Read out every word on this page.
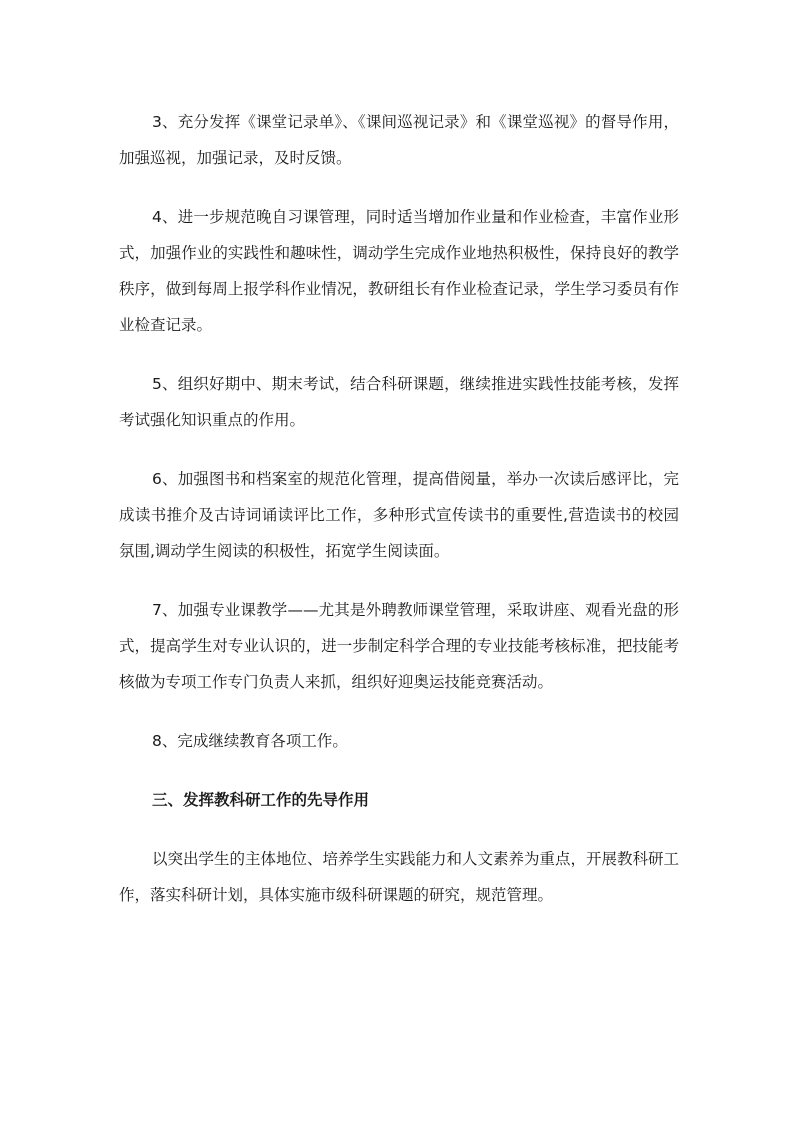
3、充分发挥《课堂记录单》、《课间巡视记录》和《课堂巡视》的督导作用，加强巡视，加强记录，及时反馈。

4、进一步规范晚自习课管理，同时适当增加作业量和作业检查，丰富作业形式，加强作业的实践性和趣味性，调动学生完成作业地热积极性，保持良好的教学秩序，做到每周上报学科作业情况，教研组长有作业检查记录，学生学习委员有作业检查记录。

5、组织好期中、期末考试，结合科研课题，继续推进实践性技能考核，发挥考试强化知识重点的作用。

6、加强图书和档案室的规范化管理，提高借阅量，举办一次读后感评比，完成读书推介及古诗词诵读评比工作，多种形式宣传读书的重要性,营造读书的校园氛围,调动学生阅读的积极性，拓宽学生阅读面。

7、加强专业课教学——尤其是外聘教师课堂管理，采取讲座、观看光盘的形式，提高学生对专业认识的，进一步制定科学合理的专业技能考核标准，把技能考核做为专项工作专门负责人来抓，组织好迎奥运技能竞赛活动。

8、完成继续教育各项工作。

三、发挥教科研工作的先导作用

以突出学生的主体地位、培养学生实践能力和人文素养为重点，开展教科研工作，落实科研计划，具体实施市级科研课题的研究，规范管理。
